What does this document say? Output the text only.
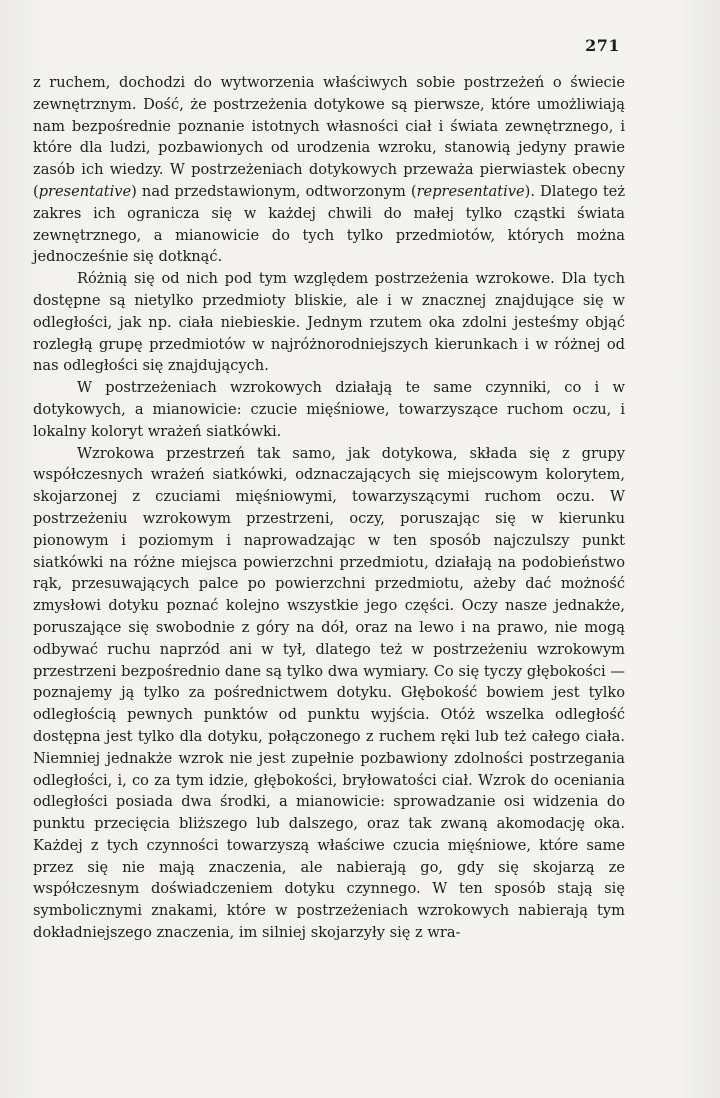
271

z ruchem, dochodzi do wytworzenia właściwych sobie postrzeżeń o świecie zewnętrznym. Dość, że postrzeżenia dotykowe są pierwsze, które umożliwiają nam bezpośrednie poznanie istotnych własności ciał i świata zewnętrznego, i które dla ludzi, pozbawionych od urodzenia wzroku, stanowią jedyny prawie zasób ich wiedzy. W postrzeżeniach dotykowych przeważa pierwiastek obecny (presentative) nad przedstawionym, odtworzonym (representative). Dlatego też zakres ich ogranicza się w każdej chwili do małej tylko cząstki świata zewnętrznego, a mianowicie do tych tylko przedmiotów, których można jednocześnie się dotknąć.

Różnią się od nich pod tym względem postrzeżenia wzrokowe. Dla tych dostępne są nietylko przedmioty bliskie, ale i w znacznej znajdujące się w odległości, jak np. ciała niebieskie. Jednym rzutem oka zdolni jesteśmy objąć rozległą grupę przedmiotów w najróżnorodniejszych kierunkach i w różnej od nas odległości się znajdujących.

W postrzeżeniach wzrokowych działają te same czynniki, co i w dotykowych, a mianowicie: czucie mięśniowe, towarzyszące ruchom oczu, i lokalny koloryt wrażeń siatkówki.

Wzrokowa przestrzeń tak samo, jak dotykowa, składa się z grupy współczesnych wrażeń siatkówki, odznaczających się miejscowym kolorytem, skojarzonej z czuciami mięśniowymi, towarzyszącymi ruchom oczu. W postrzeżeniu wzrokowym przestrzeni, oczy, poruszając się w kierunku pionowym i poziomym i naprowadzając w ten sposób najczulszy punkt siatkówki na różne miejsca powierzchni przedmiotu, działają na podobieństwo rąk, przesuwających palce po powierzchni przedmiotu, ażeby dać możność zmysłowi dotyku poznać kolejno wszystkie jego części. Oczy nasze jednakże, poruszające się swobodnie z góry na dół, oraz na lewo i na prawo, nie mogą odbywać ruchu naprzód ani w tył, dlatego też w postrzeżeniu wzrokowym przestrzeni bezpośrednio dane są tylko dwa wymiary. Co się tyczy głębokości — poznajemy ją tylko za pośrednictwem dotyku. Głębokość bowiem jest tylko odległością pewnych punktów od punktu wyjścia. Otóż wszelka odległość dostępna jest tylko dla dotyku, połączonego z ruchem ręki lub też całego ciała. Niemniej jednakże wzrok nie jest zupełnie pozbawiony zdolności postrzegania odległości, i, co za tym idzie, głębokości, bryłowatości ciał. Wzrok do oceniania odległości posiada dwa środki, a mianowicie: sprowadzanie osi widzenia do punktu przecięcia bliższego lub dalszego, oraz tak zwaną akomodację oka. Każdej z tych czynności towarzyszą właściwe czucia mięśniowe, które same przez się nie mają znaczenia, ale nabierają go, gdy się skojarzą ze współczesnym doświadczeniem dotyku czynnego. W ten sposób stają się symbolicznymi znakami, które w postrzeżeniach wzrokowych nabierają tym dokładniejszego znaczenia, im silniej skojarzyły się z wra-
